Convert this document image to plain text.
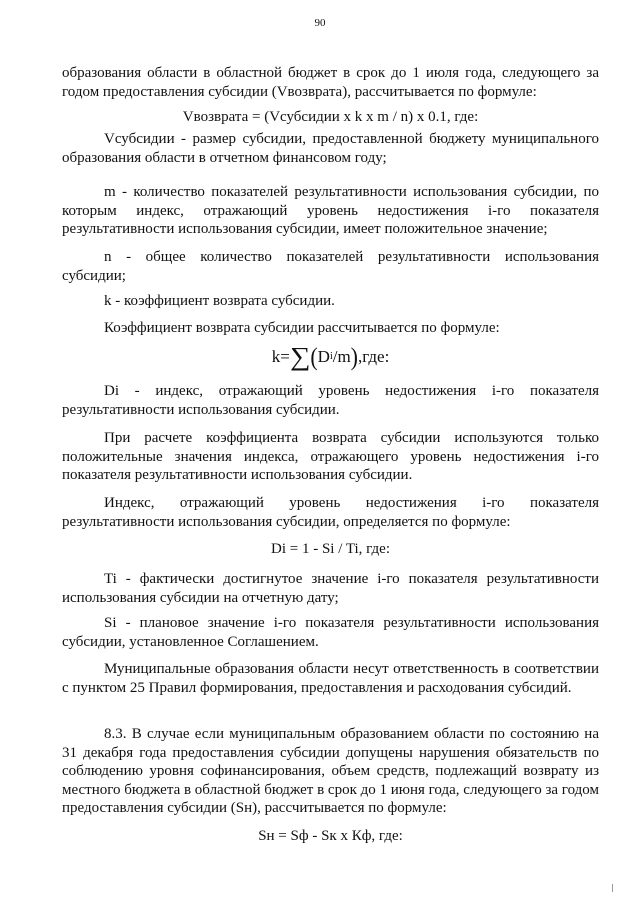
90

образования области в областной бюджет в срок до 1 июля года, следующего за годом предоставления субсидии (Vвозврата), рассчитывается по формуле:

Vвозврата = (Vсубсидии x k x m / n) x 0.1, где:

Vсубсидии - размер субсидии, предоставленной бюджету муниципального образования области в отчетном финансовом году;

m - количество показателей результативности использования субсидии, по которым индекс, отражающий уровень недостижения i-го показателя результативности использования субсидии, имеет положительное значение;

n - общее количество показателей результативности использования субсидии;

k - коэффициент возврата субсидии.

Коэффициент возврата субсидии рассчитывается по формуле:

k= ∑ ( D i /m ) ,где:

Di - индекс, отражающий уровень недостижения i-го показателя результативности использования субсидии.

При расчете коэффициента возврата субсидии используются только положительные значения индекса, отражающего уровень недостижения i-го показателя результативности использования субсидии.

Индекс, отражающий уровень недостижения i-го показателя результативности использования субсидии, определяется по формуле:

Di = 1 - Si / Ti, где:

Ti - фактически достигнутое значение i-го показателя результативности использования субсидии на отчетную дату;

Si - плановое значение i-го показателя результативности использования субсидии, установленное Соглашением.

Муниципальные образования области несут ответственность в соответствии с пунктом 25 Правил формирования, предоставления и расходования субсидий.

8.3. В случае если муниципальным образованием области по состоянию на 31 декабря года предоставления субсидии допущены нарушения обязательств по соблюдению уровня софинансирования, объем средств, подлежащий возврату из местного бюджета в областной бюджет в срок до 1 июня года, следующего за годом предоставления субсидии (Sн), рассчитывается по формуле:

Sн = Sф - Sк x Кф, где:
